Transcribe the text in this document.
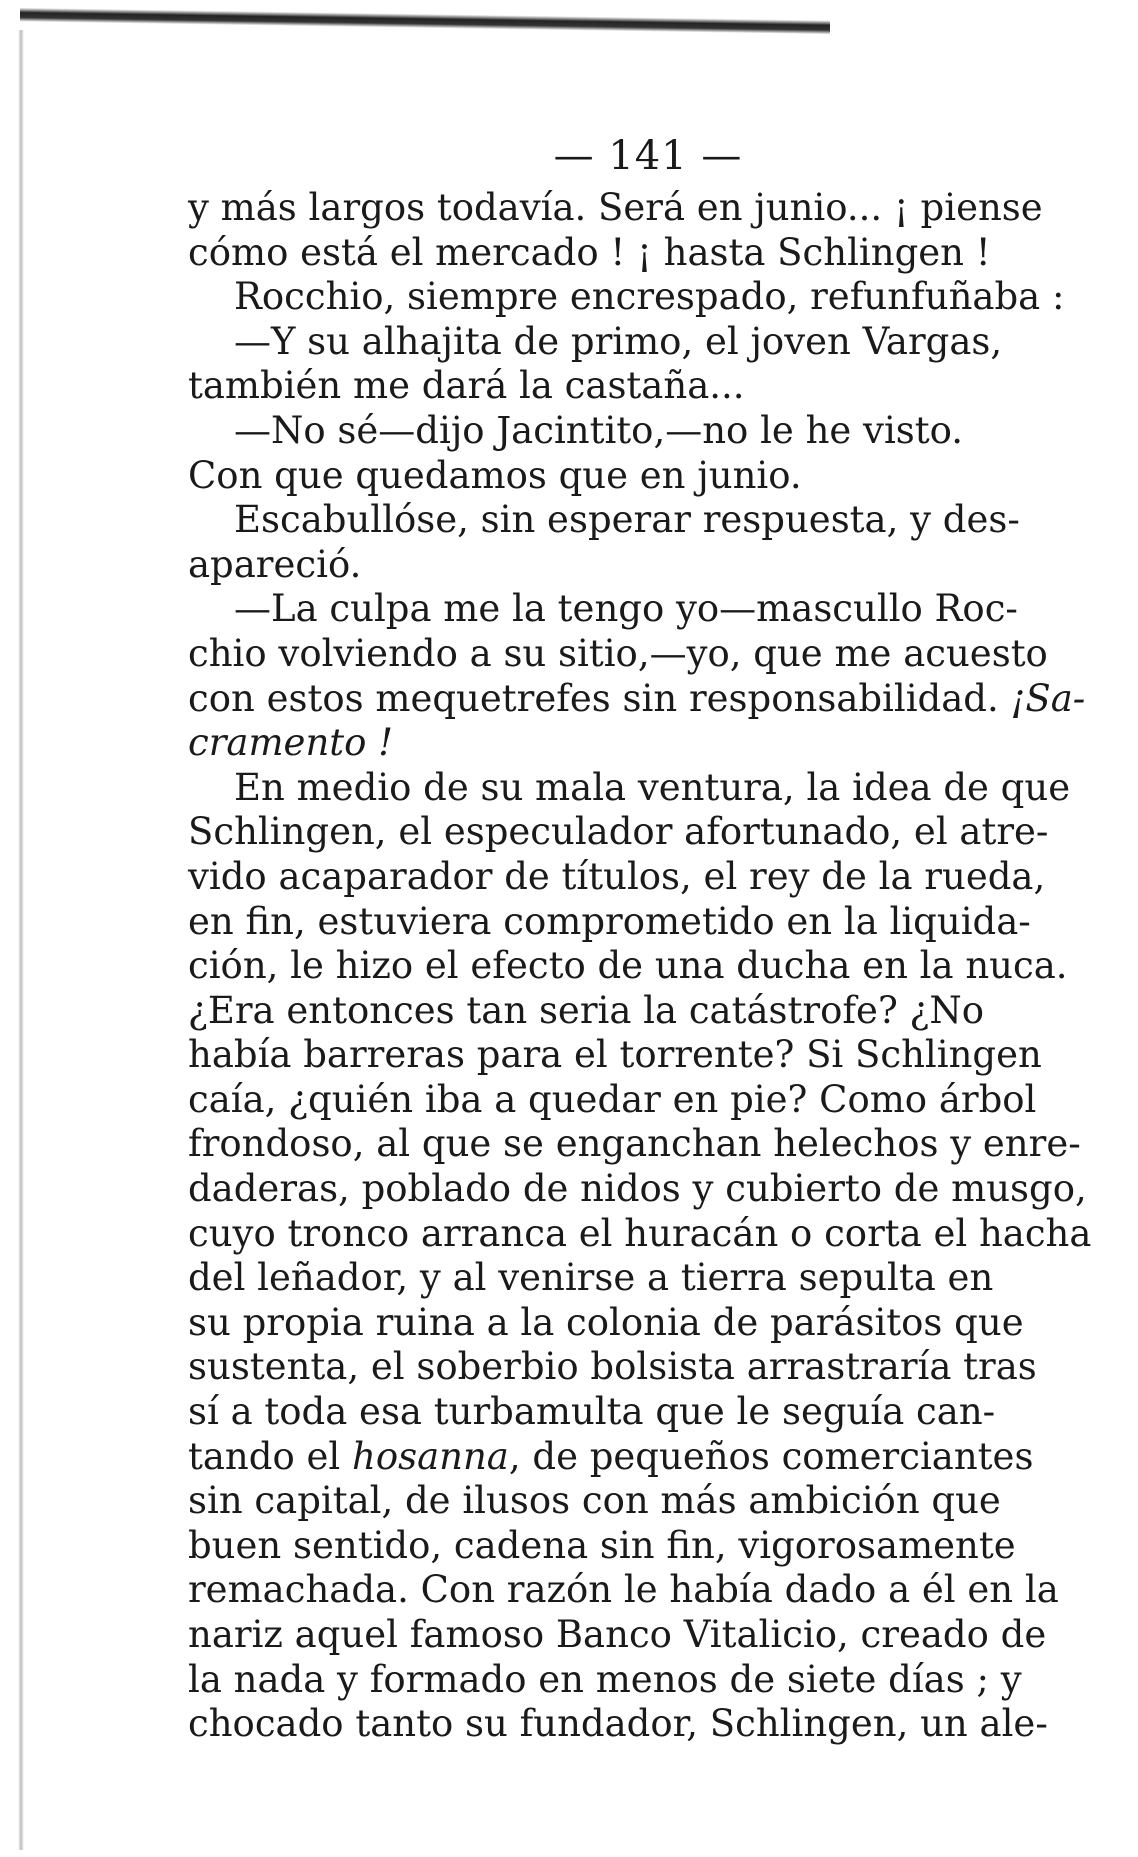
— 141 —
y más largos todavía. Será en junio... ¡ piense
cómo está el mercado ! ¡ hasta Schlingen !
Rocchio, siempre encrespado, refunfuñaba :
—Y su alhajita de primo, el joven Vargas,
también me dará la castaña...
—No sé—dijo Jacintito,—no le he visto.
Con que quedamos que en junio.
Escabullóse, sin esperar respuesta, y des-
apareció.
—La culpa me la tengo yo—mascullo Roc-
chio volviendo a su sitio,—yo, que me acuesto
con estos mequetrefes sin responsabilidad. ¡Sa-
cramento !
En medio de su mala ventura, la idea de que
Schlingen, el especulador afortunado, el atre-
vido acaparador de títulos, el rey de la rueda,
en fin, estuviera comprometido en la liquida-
ción, le hizo el efecto de una ducha en la nuca.
¿Era entonces tan seria la catástrofe? ¿No
había barreras para el torrente? Si Schlingen
caía, ¿quién iba a quedar en pie? Como árbol
frondoso, al que se enganchan helechos y enre-
daderas, poblado de nidos y cubierto de musgo,
cuyo tronco arranca el huracán o corta el hacha
del leñador, y al venirse a tierra sepulta en
su propia ruina a la colonia de parásitos que
sustenta, el soberbio bolsista arrastraría tras
sí a toda esa turbamulta que le seguía can-
tando el hosanna, de pequeños comerciantes
sin capital, de ilusos con más ambición que
buen sentido, cadena sin fin, vigorosamente
remachada. Con razón le había dado a él en la
nariz aquel famoso Banco Vitalicio, creado de
la nada y formado en menos de siete días ; y
chocado tanto su fundador, Schlingen, un ale-
